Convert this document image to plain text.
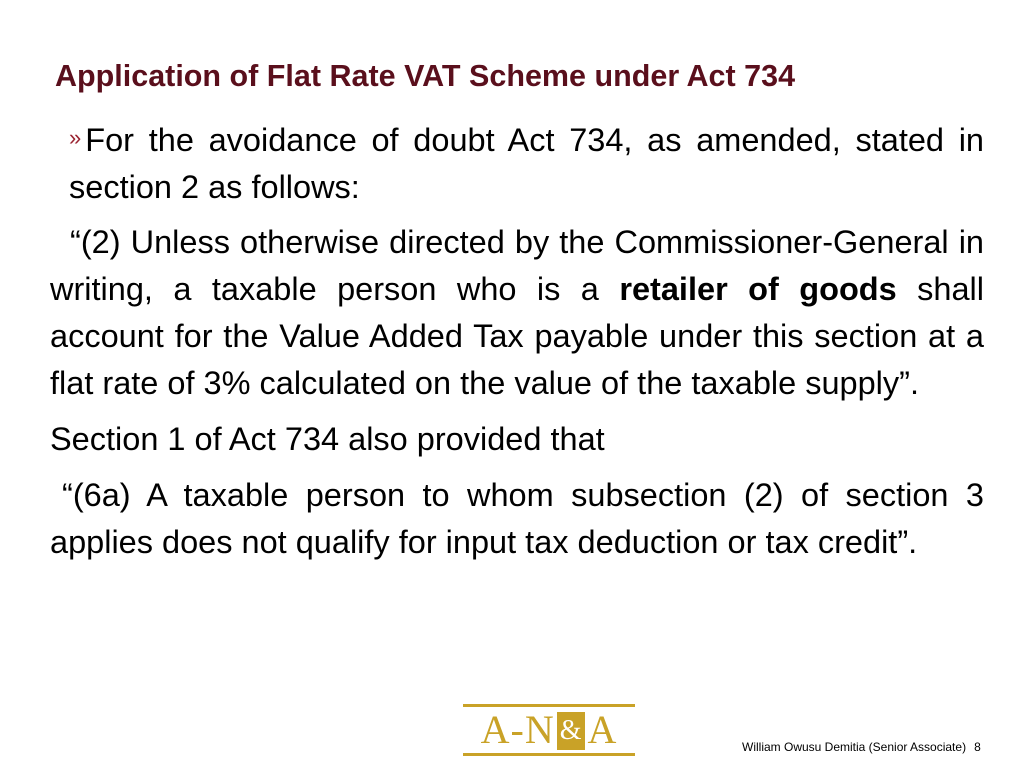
Application of Flat Rate VAT Scheme under Act 734

» For the avoidance of doubt Act 734, as amended, stated in section 2 as follows:

“(2) Unless otherwise directed by the Commissioner-General in writing, a taxable person who is a retailer of goods shall account for the Value Added Tax payable under this section at a flat rate of 3% calculated on the value of the taxable supply”.

Section 1 of Act 734 also provided that

“(6a) A taxable person to whom subsection (2) of section 3 applies does not qualify for input tax deduction or tax credit”.

A-N & A	William Owusu Demitia (Senior Associate) 8
